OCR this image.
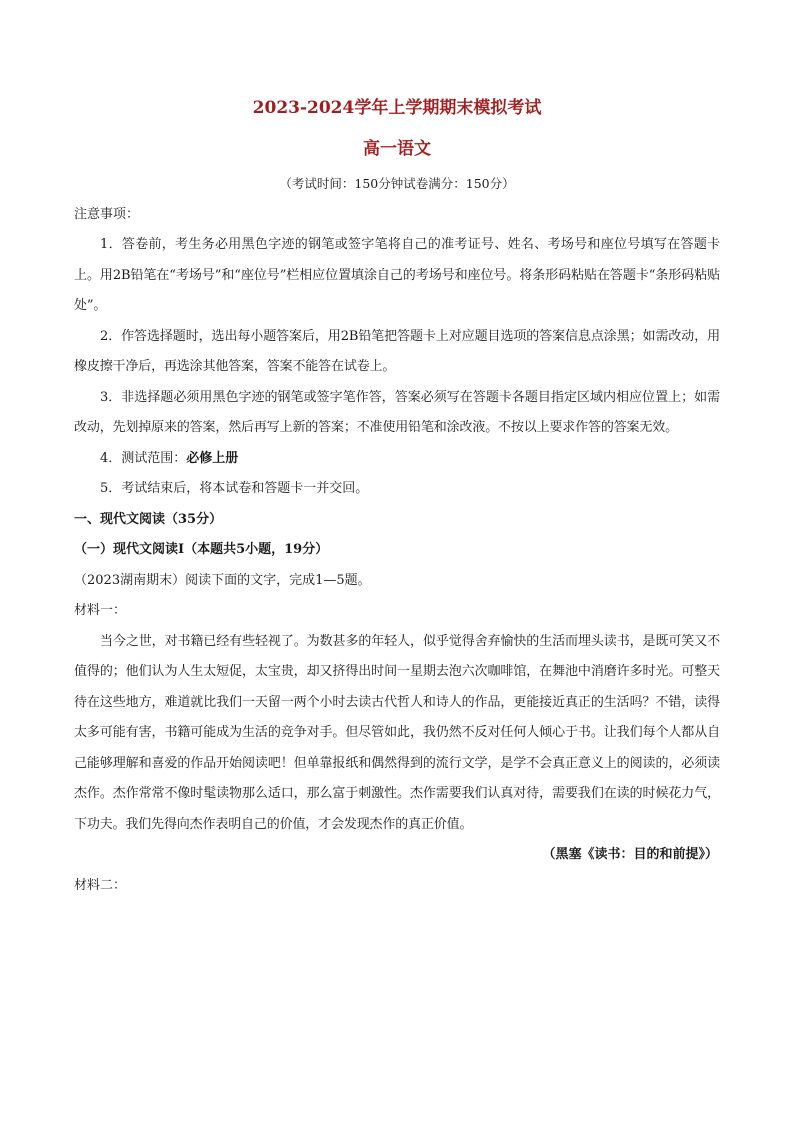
2023-2024学年上学期期末模拟考试

高一语文

（考试时间：150分钟试卷满分：150分）

注意事项：

1．答卷前，考生务必用黑色字迹的钢笔或签字笔将自己的准考证号、姓名、考场号和座位号填写在答题卡上。用2B铅笔在“考场号”和“座位号”栏相应位置填涂自己的考场号和座位号。将条形码粘贴在答题卡“条形码粘贴处”。

2．作答选择题时，选出每小题答案后，用2B铅笔把答题卡上对应题目选项的答案信息点涂黑；如需改动，用橡皮擦干净后，再选涂其他答案，答案不能答在试卷上。

3．非选择题必须用黑色字迹的钢笔或签字笔作答，答案必须写在答题卡各题目指定区域内相应位置上；如需改动，先划掉原来的答案，然后再写上新的答案；不准使用铅笔和涂改液。不按以上要求作答的答案无效。

4．测试范围：必修上册

5．考试结束后，将本试卷和答题卡一并交回。

一、现代文阅读（35分）

（一）现代文阅读Ⅰ（本题共5小题，19分）

（2023湖南期末）阅读下面的文字，完成1—5题。

材料一：

当今之世，对书籍已经有些轻视了。为数甚多的年轻人，似乎觉得舍弃愉快的生活而埋头读书，是既可笑又不值得的；他们认为人生太短促，太宝贵，却又挤得出时间一星期去泡六次咖啡馆，在舞池中消磨许多时光。可整天待在这些地方，难道就比我们一天留一两个小时去读古代哲人和诗人的作品，更能接近真正的生活吗？不错，读得太多可能有害，书籍可能成为生活的竞争对手。但尽管如此，我仍然不反对任何人倾心于书。让我们每个人都从自己能够理解和喜爱的作品开始阅读吧！但单靠报纸和偶然得到的流行文学，是学不会真正意义上的阅读的，必须读杰作。杰作常常不像时髦读物那么适口，那么富于刺激性。杰作需要我们认真对待，需要我们在读的时候花力气，下功夫。我们先得向杰作表明自己的价值，才会发现杰作的真正价值。

（黑塞《读书：目的和前提》）

材料二：
